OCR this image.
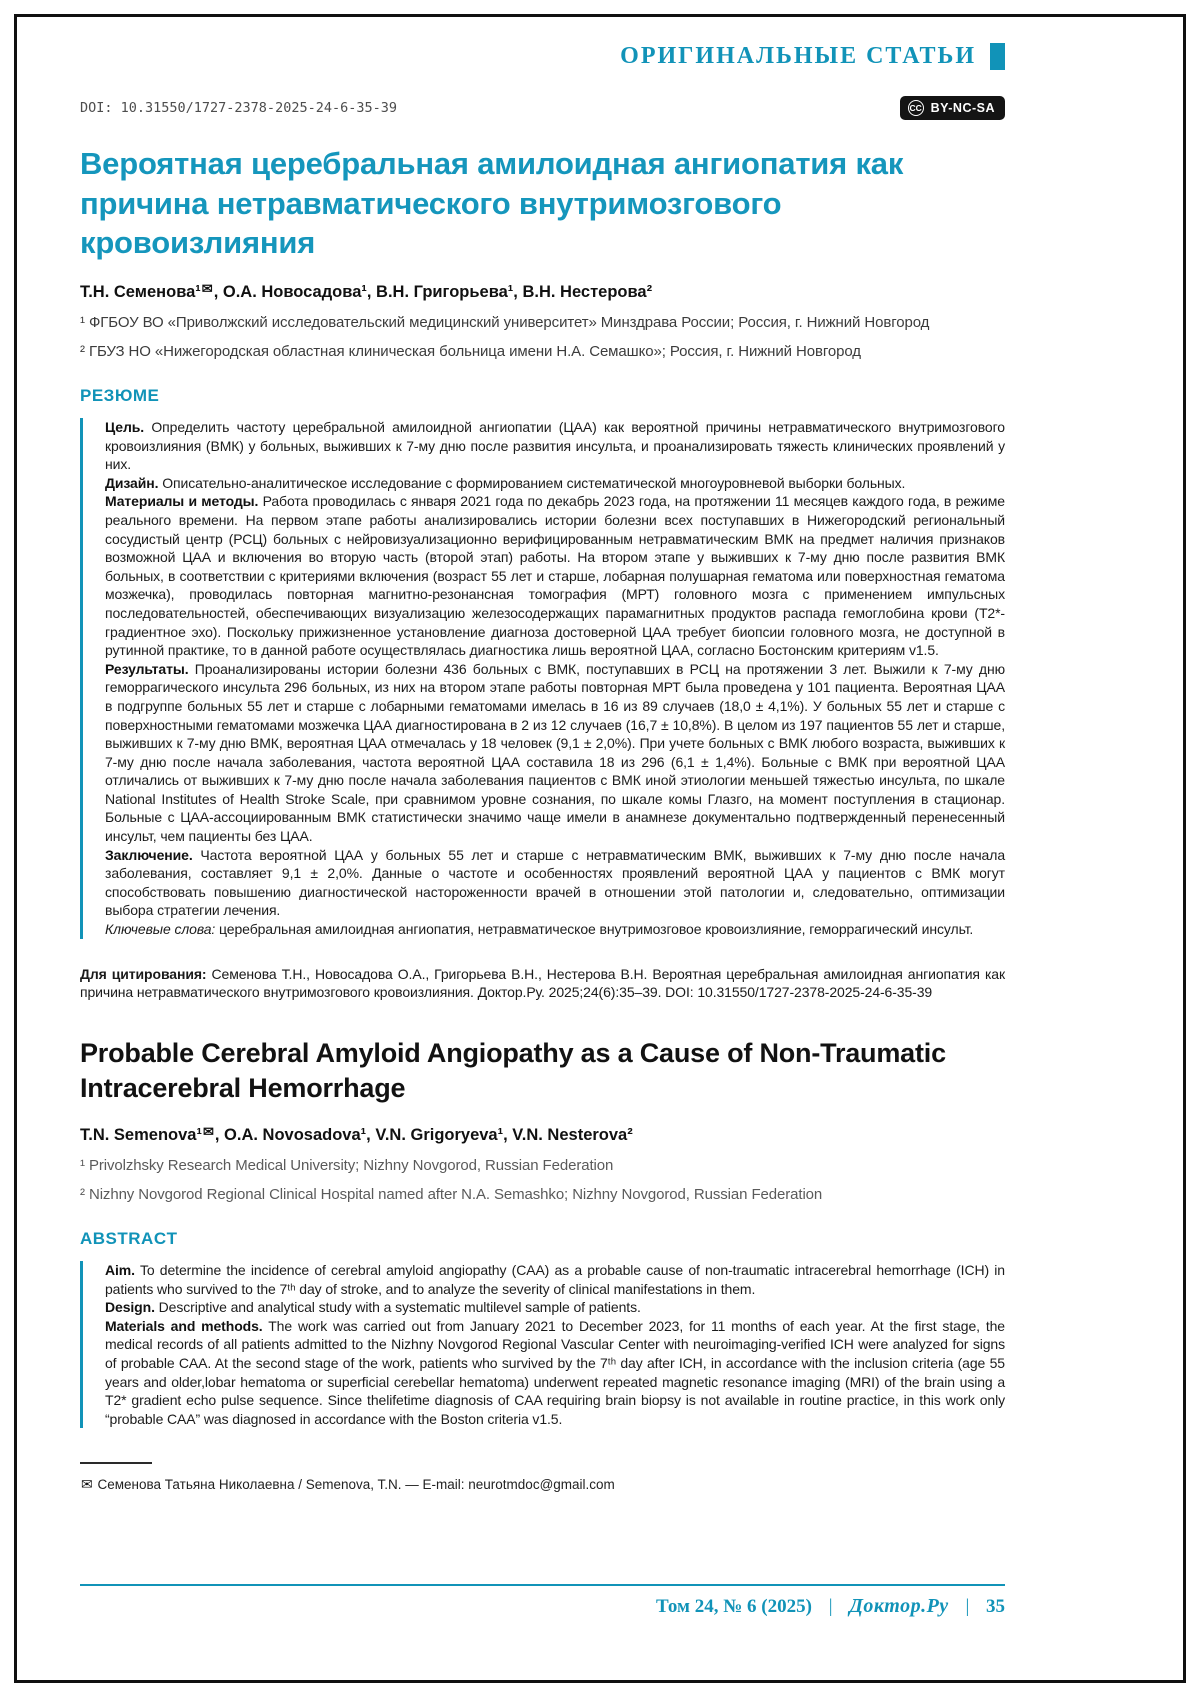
ОРИГИНАЛЬНЫЕ СТАТЬИ
DOI: 10.31550/1727-2378-2025-24-6-35-39	CC BY-NC-SA
Вероятная церебральная амилоидная ангиопатия как причина нетравматического внутримозгового кровоизлияния

Т.Н. Семенова¹✉, О.А. Новосадова¹, В.Н. Григорьева¹, В.Н. Нестерова²

¹ ФГБОУ ВО «Приволжский исследовательский медицинский университет» Минздрава России; Россия, г. Нижний Новгород

² ГБУЗ НО «Нижегородская областная клиническая больница имени Н.А. Семашко»; Россия, г. Нижний Новгород

РЕЗЮМЕ

Цель. Определить частоту церебральной амилоидной ангиопатии (ЦАА) как вероятной причины нетравматического внутримозгового кровоизлияния (ВМК) у больных, выживших к 7-му дню после развития инсульта, и проанализировать тяжесть клинических проявлений у них.

Дизайн. Описательно-аналитическое исследование с формированием систематической многоуровневой выборки больных.

Материалы и методы. Работа проводилась с января 2021 года по декабрь 2023 года, на протяжении 11 месяцев каждого года, в режиме реального времени. На первом этапе работы анализировались истории болезни всех поступавших в Нижегородский региональный сосудистый центр (РСЦ) больных с нейровизуализационно верифицированным нетравматическим ВМК на предмет наличия признаков возможной ЦАА и включения во вторую часть (второй этап) работы. На втором этапе у выживших к 7-му дню после развития ВМК больных, в соответствии с критериями включения (возраст 55 лет и старше, лобарная полушарная гематома или поверхностная гематома мозжечка), проводилась повторная магнитно-резонансная томография (МРТ) головного мозга с применением импульсных последовательностей, обеспечивающих визуализацию железосодержащих парамагнитных продуктов распада гемоглобина крови (Т2*-градиентное эхо). Поскольку прижизненное установление диагноза достоверной ЦАА требует биопсии головного мозга, не доступной в рутинной практике, то в данной работе осуществлялась диагностика лишь вероятной ЦАА, согласно Бостонским критериям v1.5.

Результаты. Проанализированы истории болезни 436 больных с ВМК, поступавших в РСЦ на протяжении 3 лет. Выжили к 7-му дню геморрагического инсульта 296 больных, из них на втором этапе работы повторная МРТ была проведена у 101 пациента. Вероятная ЦАА в подгруппе больных 55 лет и старше с лобарными гематомами имелась в 16 из 89 случаев (18,0 ± 4,1%). У больных 55 лет и старше с поверхностными гематомами мозжечка ЦАА диагностирована в 2 из 12 случаев (16,7 ± 10,8%). В целом из 197 пациентов 55 лет и старше, выживших к 7-му дню ВМК, вероятная ЦАА отмечалась у 18 человек (9,1 ± 2,0%). При учете больных с ВМК любого возраста, выживших к 7-му дню после начала заболевания, частота вероятной ЦАА составила 18 из 296 (6,1 ± 1,4%). Больные с ВМК при вероятной ЦАА отличались от выживших к 7-му дню после начала заболевания пациентов с ВМК иной этиологии меньшей тяжестью инсульта, по шкале National Institutes of Health Stroke Scale, при сравнимом уровне сознания, по шкале комы Глазго, на момент поступления в стационар. Больные с ЦАА-ассоциированным ВМК статистически значимо чаще имели в анамнезе документально подтвержденный перенесенный инсульт, чем пациенты без ЦАА.

Заключение. Частота вероятной ЦАА у больных 55 лет и старше с нетравматическим ВМК, выживших к 7-му дню после начала заболевания, составляет 9,1 ± 2,0%. Данные о частоте и особенностях проявлений вероятной ЦАА у пациентов с ВМК могут способствовать повышению диагностической настороженности врачей в отношении этой патологии и, следовательно, оптимизации выбора стратегии лечения.

Ключевые слова: церебральная амилоидная ангиопатия, нетравматическое внутримозговое кровоизлияние, геморрагический инсульт.

Для цитирования: Семенова Т.Н., Новосадова О.А., Григорьева В.Н., Нестерова В.Н. Вероятная церебральная амилоидная ангиопатия как причина нетравматического внутримозгового кровоизлияния. Доктор.Ру. 2025;24(6):35–39. DOI: 10.31550/1727-2378-2025-24-6-35-39

Probable Cerebral Amyloid Angiopathy as a Cause of Non-Traumatic Intracerebral Hemorrhage

T.N. Semenova¹✉, O.A. Novosadova¹, V.N. Grigoryeva¹, V.N. Nesterova²

¹ Privolzhsky Research Medical University; Nizhny Novgorod, Russian Federation

² Nizhny Novgorod Regional Clinical Hospital named after N.A. Semashko; Nizhny Novgorod, Russian Federation

ABSTRACT

Aim. To determine the incidence of cerebral amyloid angiopathy (CAA) as a probable cause of non-traumatic intracerebral hemorrhage (ICH) in patients who survived to the 7ᵗʰ day of stroke, and to analyze the severity of clinical manifestations in them.

Design. Descriptive and analytical study with a systematic multilevel sample of patients.

Materials and methods. The work was carried out from January 2021 to December 2023, for 11 months of each year. At the first stage, the medical records of all patients admitted to the Nizhny Novgorod Regional Vascular Center with neuroimaging-verified ICH were analyzed for signs of probable CAA. At the second stage of the work, patients who survived by the 7ᵗʰ day after ICH, in accordance with the inclusion criteria (age 55 years and older,lobar hematoma or superficial cerebellar hematoma) underwent repeated magnetic resonance imaging (MRI) of the brain using a T2* gradient echo pulse sequence. Since thelifetime diagnosis of CAA requiring brain biopsy is not available in routine practice, in this work only “probable CAA” was diagnosed in accordance with the Boston criteria v1.5.

✉ Семенова Татьяна Николаевна / Semenova, T.N. — E-mail: neurotmdoc@gmail.com

Том 24, № 6 (2025) | Доктор.Ру | 35
